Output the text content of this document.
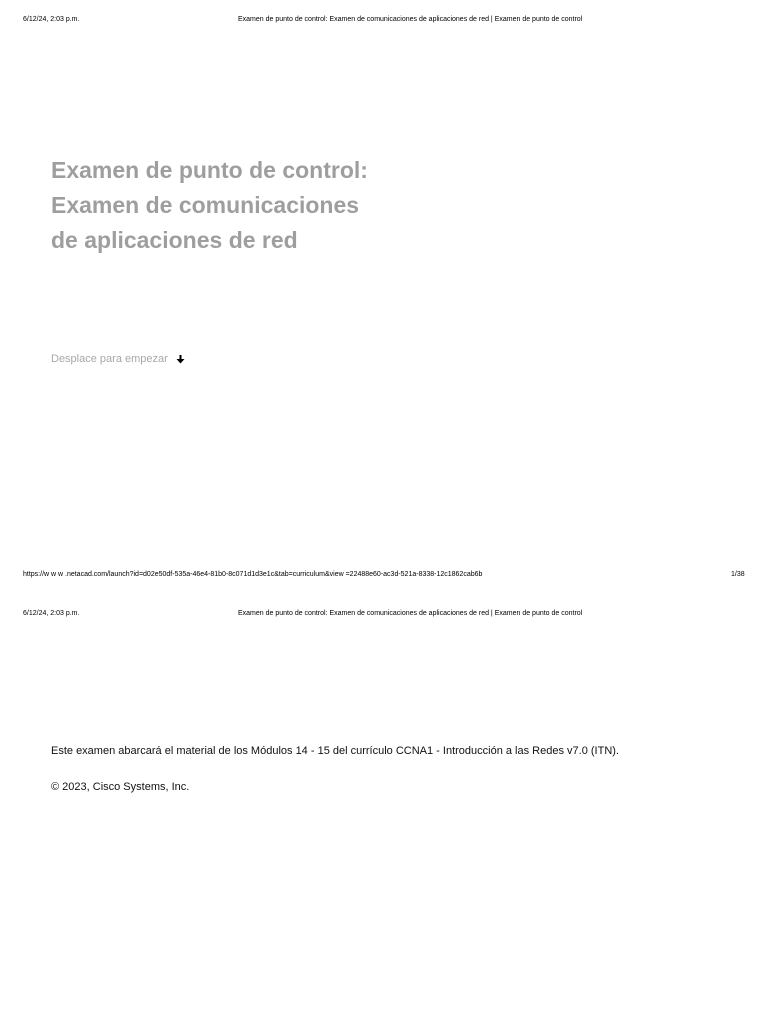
6/12/24, 2:03 p.m.	Examen de punto de control: Examen de comunicaciones de aplicaciones de red | Examen de punto de control
Examen de punto de control:
Examen de comunicaciones
de aplicaciones de red
Desplace para empezar
https://w w w .netacad.com/launch?id=d02e50df-535a-46e4-81b0-8c071d1d3e1c&tab=curriculum&view =22488e60-ac3d-521a-8338-12c1862cab6b	1/38
6/12/24, 2:03 p.m.	Examen de punto de control: Examen de comunicaciones de aplicaciones de red | Examen de punto de control
Este examen abarcará el material de los Módulos 14 - 15 del currículo CCNA1 - Introducción a las Redes v7.0 (ITN).
© 2023, Cisco Systems, Inc.
